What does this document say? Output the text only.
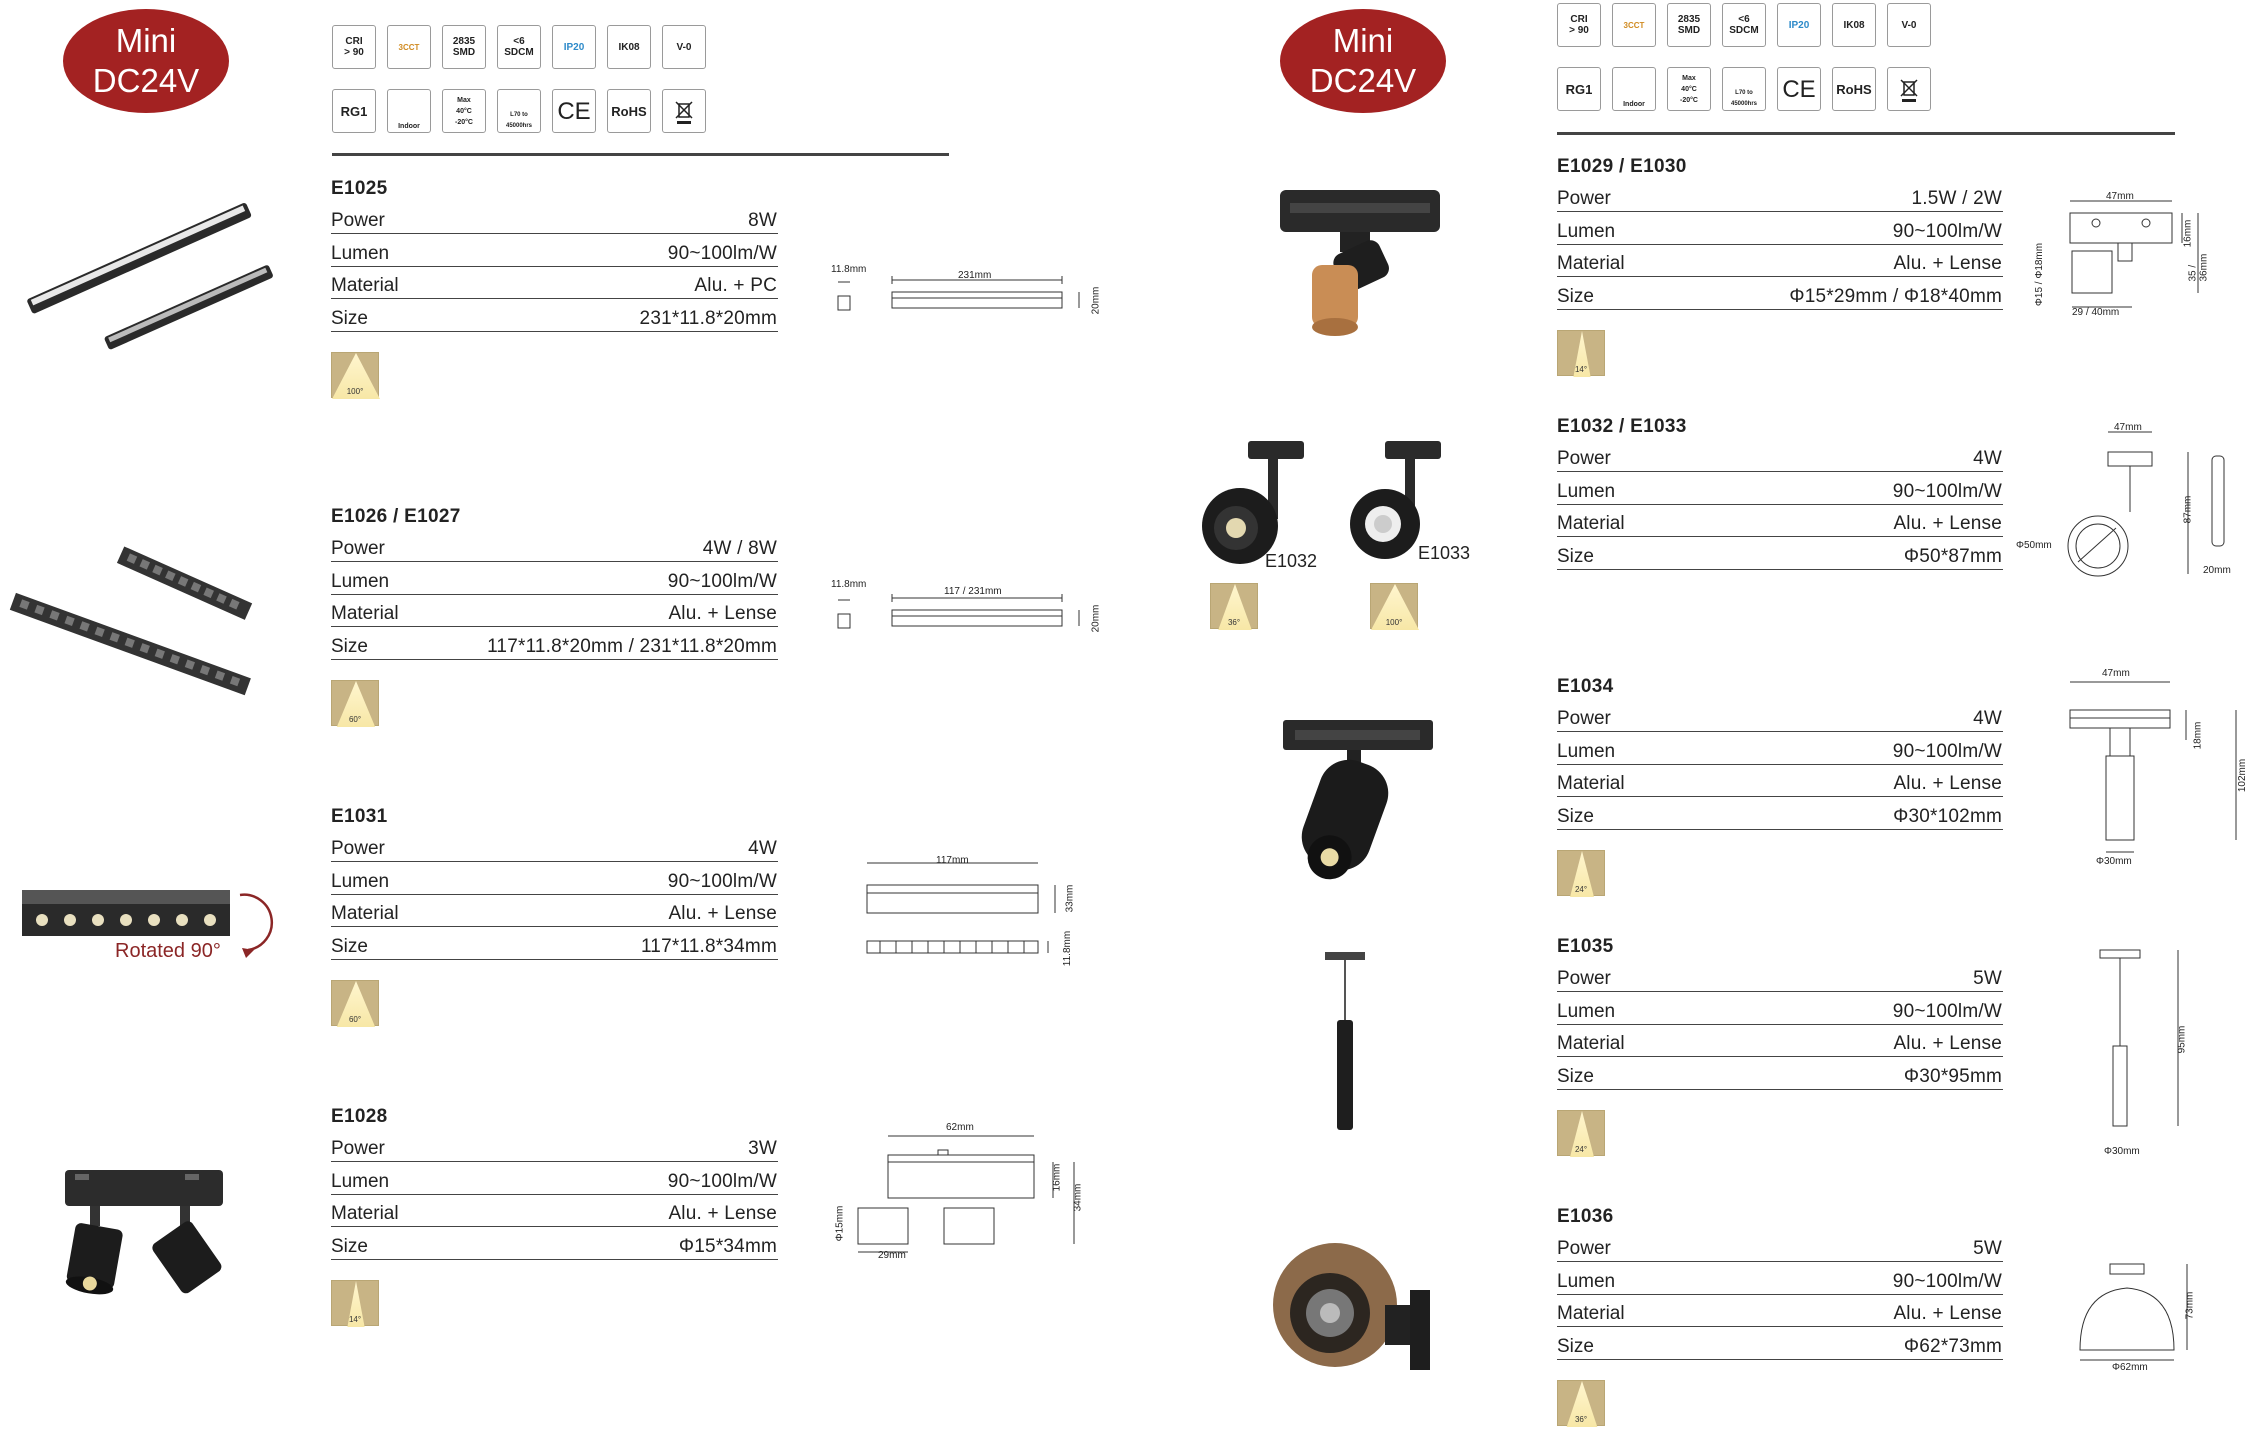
Mini
DC24V
Mini
DC24V
CRI
> 90	3CCT	2835
SMD
<6
SDCM	IP20	IK08	V-0
RG1
Indoor
Max
40°C
-20°C
L70 to
45000hrs
CE	RoHS
CRI
> 90	3CCT	2835
SMD
<6
SDCM	IP20	IK08	V-0
RG1
Indoor
Max
40°C
-20°C
L70 to
45000hrs
CE	RoHS
E1025
Power	8W
Lumen	90~100lm/W
Material	Alu. + PC
Size	231*11.8*20mm
100°
E1026 / E1027
Power	4W / 8W
Lumen	90~100lm/W
Material	Alu. + Lense
Size	117*11.8*20mm / 231*11.8*20mm
60°
E1031
Power	4W
Lumen	90~100lm/W
Material	Alu. + Lense
Size	117*11.8*34mm
60°
E1028
Power	3W
Lumen	90~100lm/W
Material	Alu. + Lense
Size	Φ15*34mm
14°
E1029 / E1030
Power	1.5W / 2W
Lumen	90~100lm/W
Material	Alu. + Lense
Size	Φ15*29mm / Φ18*40mm
14°
E1032 / E1033
Power	4W
Lumen	90~100lm/W
Material	Alu. + Lense
Size	Φ50*87mm
E1034
Power	4W
Lumen	90~100lm/W
Material	Alu. + Lense
Size	Φ30*102mm
24°
E1035
Power	5W
Lumen	90~100lm/W
Material	Alu. + Lense
Size	Φ30*95mm
24°
E1036
Power	5W
Lumen	90~100lm/W
Material	Alu. + Lense
Size	Φ62*73mm
36°
Rotated 90°
E1032	E1033
36°	100°
231mm
11.8mm
20mm
117 / 231mm
11.8mm
20mm
117mm
33mm
11.8mm
62mm
16mm
34mm
Φ15mm
29mm
47mm
16mm
35 / 36mm
Φ15 / Φ18mm
29 / 40mm
47mm
87mm
Φ50mm
20mm
47mm
18mm
102mm
Φ30mm
95mm
Φ30mm
73mm
Φ62mm
